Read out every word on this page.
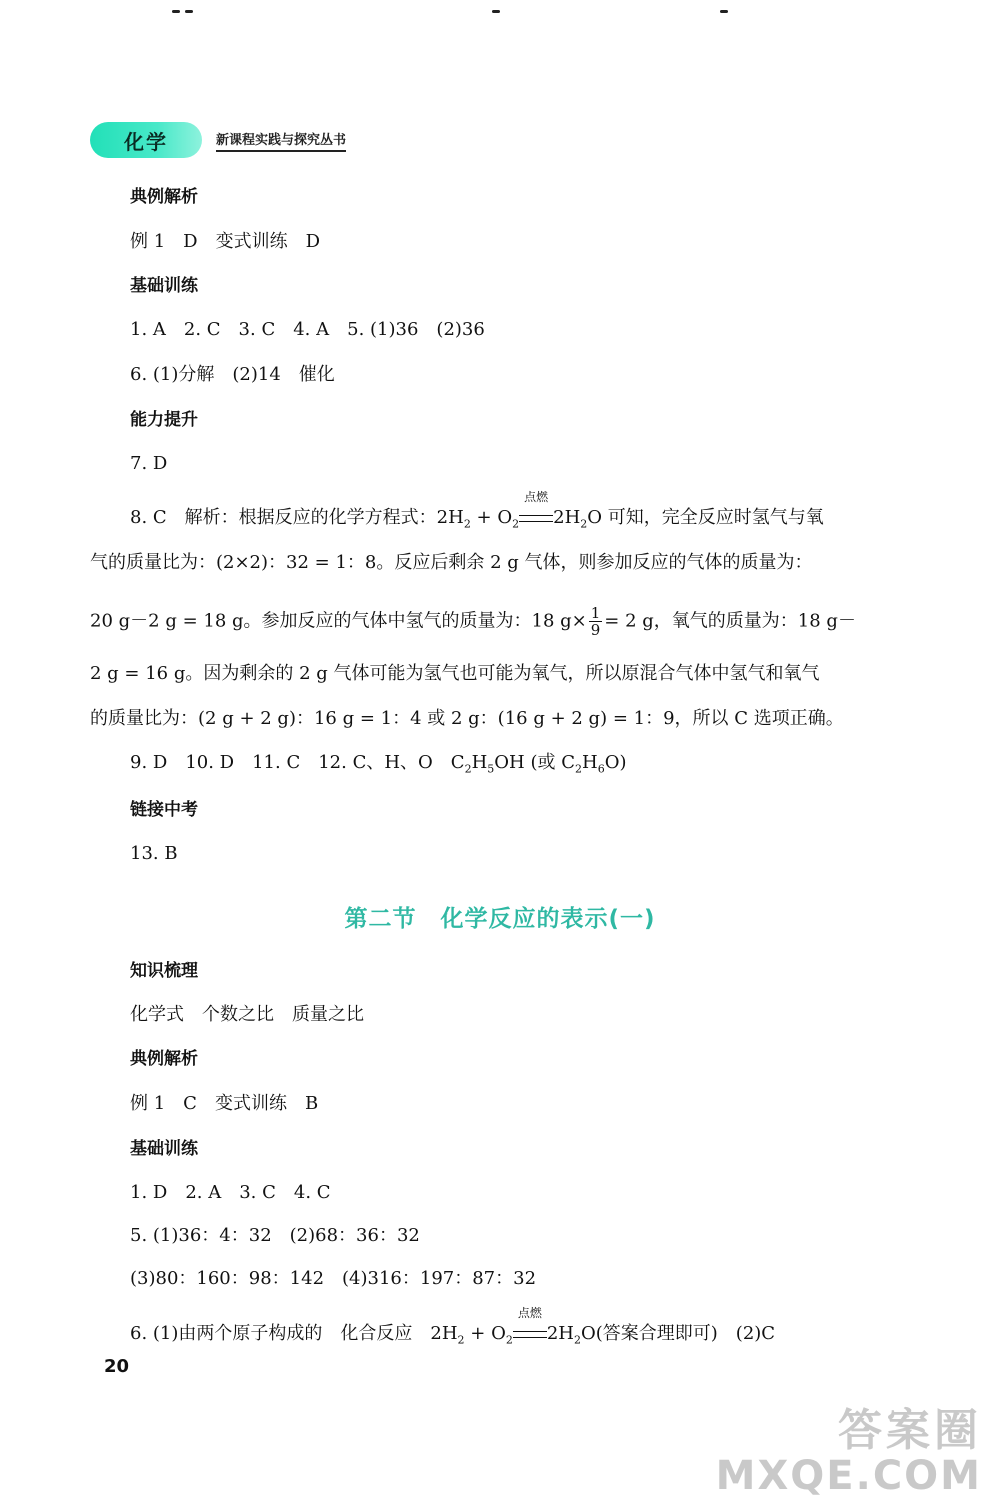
化学	新课程实践与探究丛书
典例解析
例 1　D　变式训练　D
基础训练
1. A　2. C　3. C　4. A　5. (1)36　(2)36
6. (1)分解　(2)14　催化
能力提升
7. D
8. C　解析：根据反应的化学方程式：$2H_2 + O_2$
点燃
$2H_2O$ 可知，完全反应时氢气与氧
气的质量比为：(2×2)：32 = 1：8。反应后剩余 2 g 气体，则参加反应的气体的质量为：
20 g－2 g = 18 g。参加反应的气体中氢气的质量为：18 $g\times \frac{1}{9} = 2$ g，氧气的质量为：18 g－
2 g = 16 g。因为剩余的 2 g 气体可能为氢气也可能为氧气，所以原混合气体中氢气和氧气
的质量比为：(2 g + 2 g)：16 g = 1：4 或 2 g：(16 g + 2 g) = 1：9，所以 C 选项正确。
9. D　10. D　11. C　12. C、H、O　$C_2H_5OH$ (或 $C_2H_6O$)
链接中考
13. B
第二节　化学反应的表示(一)
知识梳理
化学式　个数之比　质量之比
典例解析
例 1　C　变式训练　B
基础训练
1. D　2. A　3. C　4. C
5. (1)36：4：32　(2)68：36：32
(3)80：160：98：142　(4)316：197：87：32
6. (1)由两个原子构成的　化合反应　$2H_2 + O_2$
点燃
$2H_2O$(答案合理即可)　(2)C
20
答案圈
MXQE.COM
